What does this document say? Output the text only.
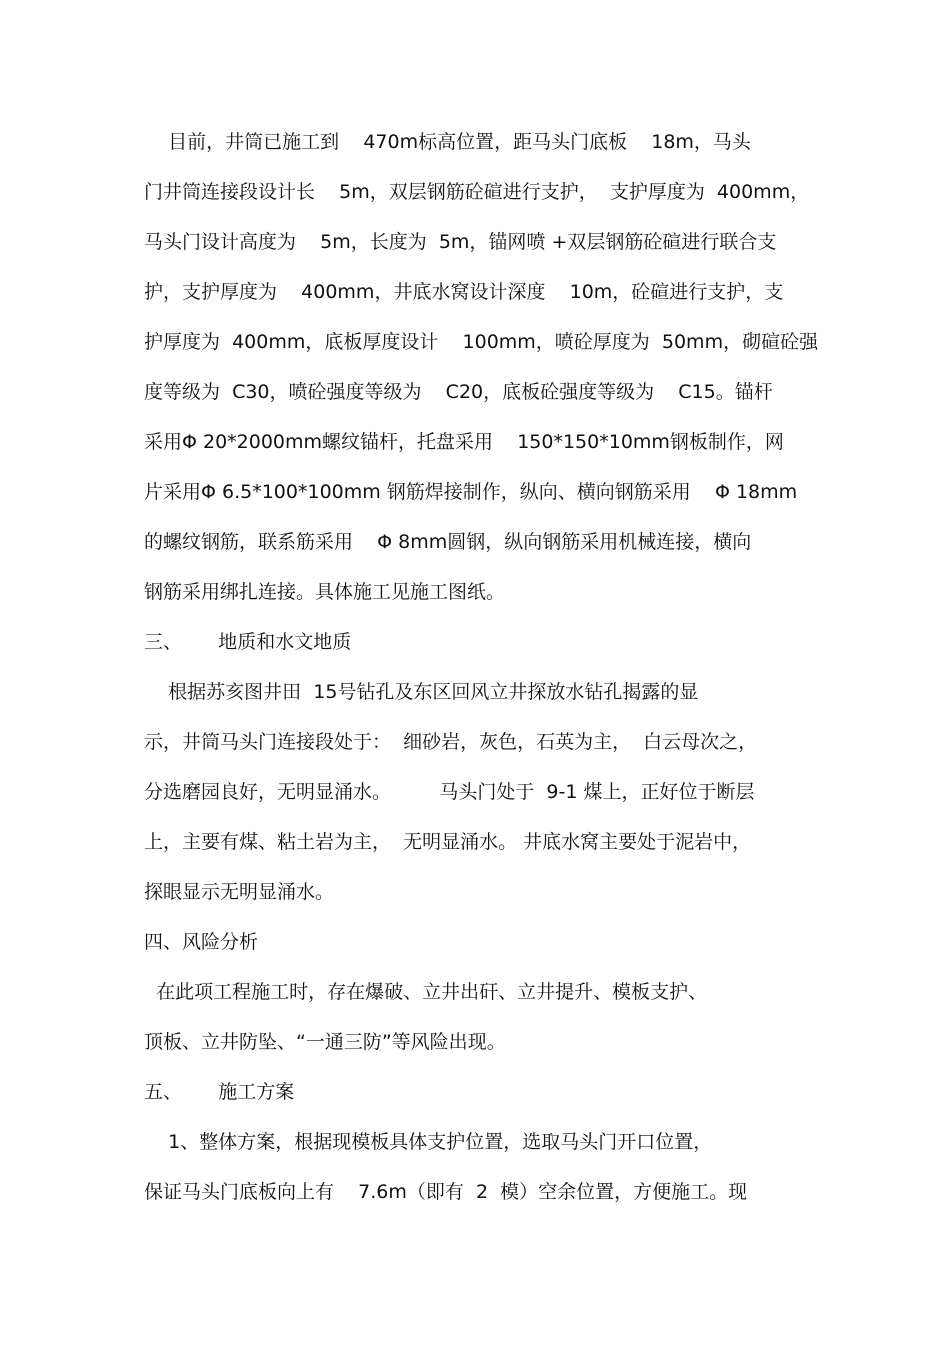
目前，井筒已施工到    470m标高位置，距马头门底板    18m，马头
门井筒连接段设计长    5m，双层钢筋砼碹进行支护，  支护厚度为  400mm，
马头门设计高度为    5m，长度为  5m，锚网喷 +双层钢筋砼碹进行联合支
护，支护厚度为    400mm，井底水窝设计深度    10m，砼碹进行支护，支
护厚度为  400mm，底板厚度设计    100mm，喷砼厚度为  50mm，砌碹砼强
度等级为  C30，喷砼强度等级为    C20，底板砼强度等级为    C15。锚杆
采用Φ 20*2000mm螺纹锚杆，托盘采用    150*150*10mm钢板制作，网
片采用Φ 6.5*100*100mm 钢筋焊接制作，纵向、横向钢筋采用    Φ 18mm
的螺纹钢筋，联系筋采用    Φ 8mm圆钢，纵向钢筋采用机械连接，横向
钢筋采用绑扎连接。具体施工见施工图纸。
三、      地质和水文地质
根据苏亥图井田  15号钻孔及东区回风立井探放水钻孔揭露的显
示，井筒马头门连接段处于：  细砂岩，灰色，石英为主，  白云母次之，
分选磨园良好，无明显涌水。        马头门处于  9-1 煤上，正好位于断层
上，主要有煤、粘土岩为主，  无明显涌水。 井底水窝主要处于泥岩中，
探眼显示无明显涌水。
四、风险分析
在此项工程施工时，存在爆破、立井出矸、立井提升、模板支护、
顶板、立井防坠、“一通三防”等风险出现。
五、      施工方案
1、整体方案，根据现模板具体支护位置，选取马头门开口位置，
保证马头门底板向上有    7.6m（即有  2  模）空余位置，方便施工。现
